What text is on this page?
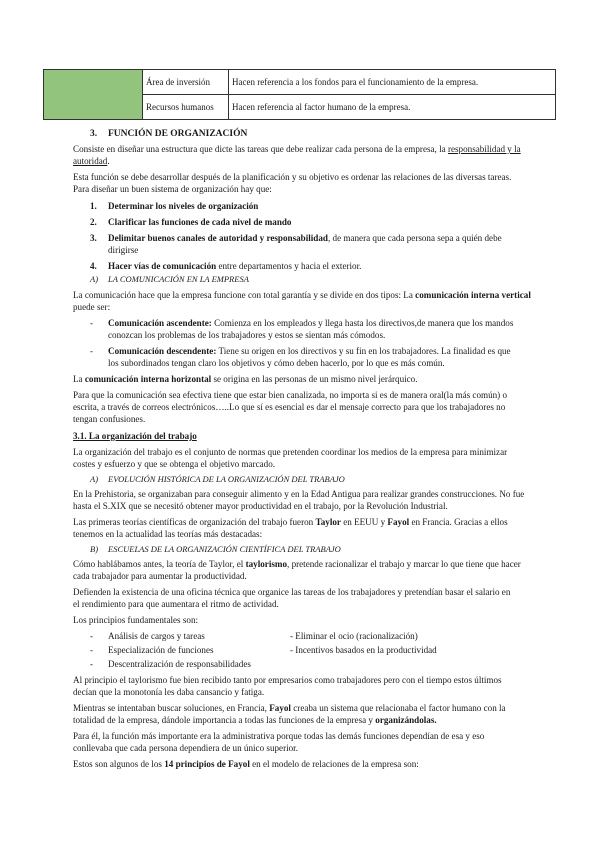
	Área de inversión	Hacen referencia a los fondos para el funcionamiento de la empresa.
	Recursos humanos	Hacen referencia al factor humano de la empresa.
3. FUNCIÓN DE ORGANIZACIÓN
Consiste en diseñar una estructura que dicte las tareas que debe realizar cada persona de la empresa, la responsabilidad y la
autoridad.
Esta función se debe desarrollar después de la planificación y su objetivo es ordenar las relaciones de las diversas tareas.
Para diseñar un buen sistema de organización hay que:
1. Determinar los niveles de organización
2. Clarificar las funciones de cada nivel de mando
3. Delimitar buenos canales de autoridad y responsabilidad, de manera que cada persona sepa a quién debe
dirigirse
4. Hacer vías de comunicación entre departamentos y hacia el exterior.
A) LA COMUNICACIÓN EN LA EMPRESA
La comunicación hace que la empresa funcione con total garantía y se divide en dos tipos: La comunicación interna vertical
puede ser:
- Comunicación ascendente: Comienza en los empleados y llega hasta los directivos,de manera que los mandos
conozcan los problemas de los trabajadores y estos se sientan más cómodos.
- Comunicación descendente: Tiene su origen en los directivos y su fin en los trabajadores. La finalidad es que
los subordinados tengan claro los objetivos y cómo deben hacerlo, por lo que es más común.
La comunicación interna horizontal se origina en las personas de un mismo nivel jerárquico.
Para que la comunicación sea efectiva tiene que estar bien canalizada, no importa si es de manera oral(la más común) o
escrita, a través de correos electrónicos…..Lo que sí es esencial es dar el mensaje correcto para que los trabajadores no
tengan confusiones.
3.1. La organización del trabajo
La organización del trabajo es el conjunto de normas que pretenden coordinar los medios de la empresa para minimizar
costes y esfuerzo y que se obtenga el objetivo marcado.
A) EVOLUCIÓN HISTÓRICA DE LA ORGANIZACIÓN DEL TRABAJO
En la Prehistoria, se organizaban para conseguir alimento y en la Edad Antigua para realizar grandes construcciones. No fue
hasta el S.XIX que se necesitó obtener mayor productividad en el trabajo, por la Revolución Industrial.
Las primeras teorías científicas de organización del trabajo fueron Taylor en EEUU y Fayol en Francia. Gracias a ellos
tenemos en la actualidad las teorías más destacadas:
B) ESCUELAS DE LA ORGANIZACIÓN CIENTÍFICA DEL TRABAJO
Cómo hablábamos antes, la teoría de Taylor, el taylorismo, pretende racionalizar el trabajo y marcar lo que tiene que hacer
cada trabajador para aumentar la productividad.
Defienden la existencia de una oficina técnica que organice las tareas de los trabajadores y pretendían basar el salario en
el rendimiento para que aumentara el ritmo de actividad.
Los principios fundamentales son:
- Análisis de cargos y tareas	- Eliminar el ocio (racionalización)
- Especialización de funciones	- Incentivos basados en la productividad
- Descentralización de responsabilidades
Al principio el taylorismo fue bien recibido tanto por empresarios como trabajadores pero con el tiempo estos últimos
decían que la monotonía les daba cansancio y fatiga.
Mientras se intentaban buscar soluciones, en Francia, Fayol creaba un sistema que relacionaba el factor humano con la
totalidad de la empresa, dándole importancia a todas las funciones de la empresa y organizándolas.
Para él, la función más importante era la administrativa porque todas las demás funciones dependían de esa y eso
conllevaba que cada persona dependiera de un único superior.
Estos son algunos de los 14 principios de Fayol en el modelo de relaciones de la empresa son:
